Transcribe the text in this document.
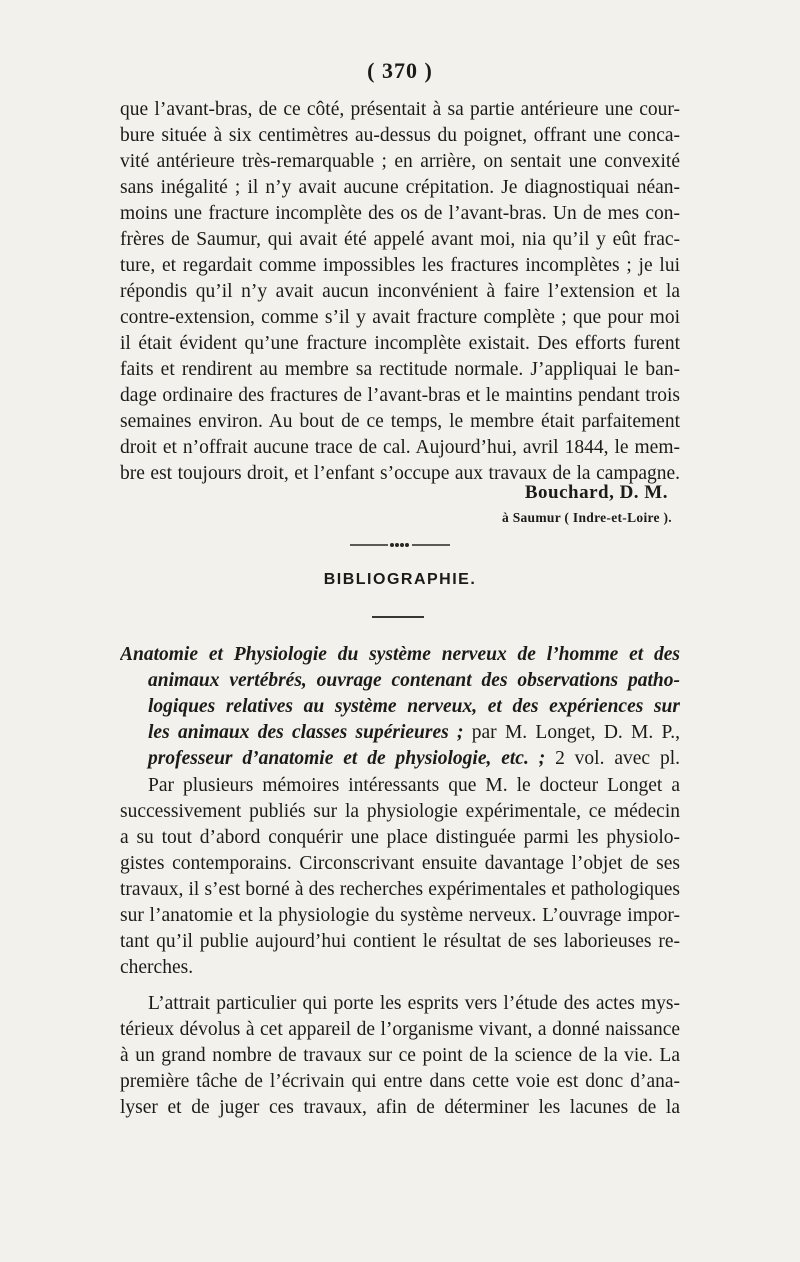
( 370 )
que l’avant-bras, de ce côté, présentait à sa partie antérieure une cour-
bure située à six centimètres au-dessus du poignet, offrant une conca-
vité antérieure très-remarquable ; en arrière, on sentait une convexité
sans inégalité ; il n’y avait aucune crépitation. Je diagnostiquai néan-
moins une fracture incomplète des os de l’avant-bras. Un de mes con-
frères de Saumur, qui avait été appelé avant moi, nia qu’il y eût frac-
ture, et regardait comme impossibles les fractures incomplètes ; je lui
répondis qu’il n’y avait aucun inconvénient à faire l’extension et la
contre-extension, comme s’il y avait fracture complète ; que pour moi
il était évident qu’une fracture incomplète existait. Des efforts furent
faits et rendirent au membre sa rectitude normale. J’appliquai le ban-
dage ordinaire des fractures de l’avant-bras et le maintins pendant trois
semaines environ. Au bout de ce temps, le membre était parfaitement
droit et n’offrait aucune trace de cal. Aujourd’hui, avril 1844, le mem-
bre est toujours droit, et l’enfant s’occupe aux travaux de la campagne.
Bouchard, D. M.
à Saumur ( Indre-et-Loire ).
BIBLIOGRAPHIE.
Anatomie et Physiologie du système nerveux de l’homme et des
animaux vertébrés, ouvrage contenant des observations patho-
logiques relatives au système nerveux, et des expériences sur
les animaux des classes supérieures ; par M. Longet, D. M. P.,
professeur d’anatomie et de physiologie, etc. ; 2 vol. avec pl.
Par plusieurs mémoires intéressants que M. le docteur Longet a
successivement publiés sur la physiologie expérimentale, ce médecin
a su tout d’abord conquérir une place distinguée parmi les physiolo-
gistes contemporains. Circonscrivant ensuite davantage l’objet de ses
travaux, il s’est borné à des recherches expérimentales et pathologiques
sur l’anatomie et la physiologie du système nerveux. L’ouvrage impor-
tant qu’il publie aujourd’hui contient le résultat de ses laborieuses re-
cherches.
L’attrait particulier qui porte les esprits vers l’étude des actes mys-
térieux dévolus à cet appareil de l’organisme vivant, a donné naissance
à un grand nombre de travaux sur ce point de la science de la vie. La
première tâche de l’écrivain qui entre dans cette voie est donc d’ana-
lyser et de juger ces travaux, afin de déterminer les lacunes de la
